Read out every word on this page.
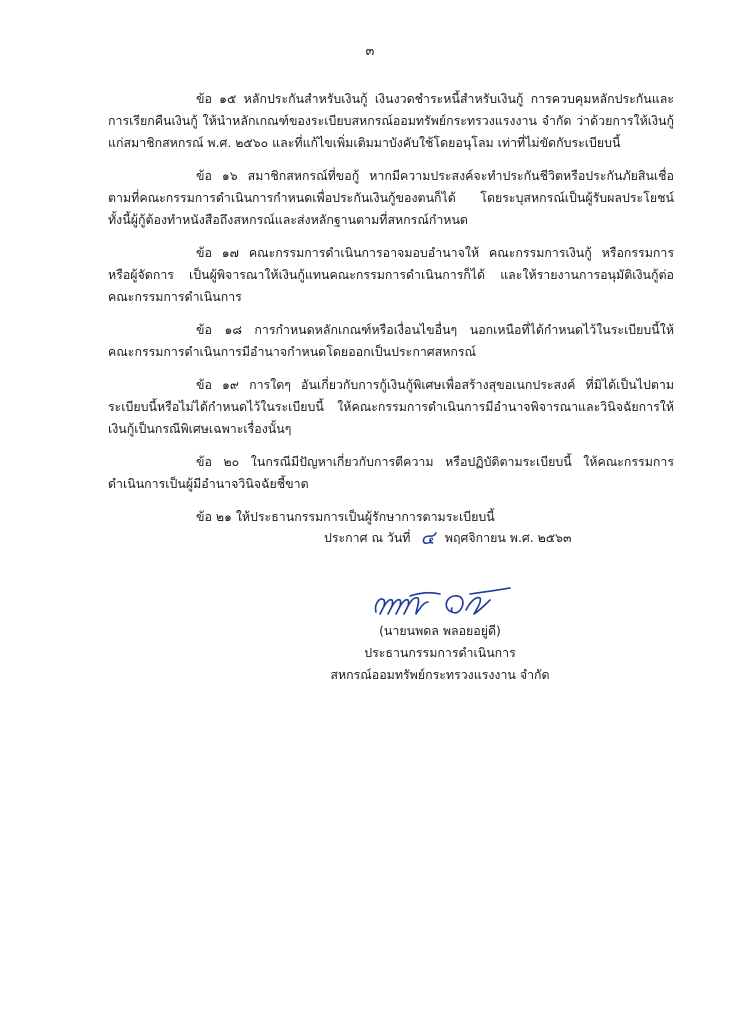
๓

ข้อ ๑๕ หลักประกันสำหรับเงินกู้ เงินงวดชำระหนี้สำหรับเงินกู้ การควบคุมหลักประกันและการเรียกคืนเงินกู้ ให้นำหลักเกณฑ์ของระเบียบสหกรณ์ออมทรัพย์กระทรวงแรงงาน จำกัด ว่าด้วยการให้เงินกู้แก่สมาชิกสหกรณ์ พ.ศ. ๒๕๖๐ และที่แก้ไขเพิ่มเติมมาบังคับใช้โดยอนุโลม เท่าที่ไม่ขัดกับระเบียบนี้

ข้อ ๑๖ สมาชิกสหกรณ์ที่ขอกู้ หากมีความประสงค์จะทำประกันชีวิตหรือประกันภัยสินเชื่อตามที่คณะกรรมการดำเนินการกำหนดเพื่อประกันเงินกู้ของตนก็ได้ โดยระบุสหกรณ์เป็นผู้รับผลประโยชน์ ทั้งนี้ผู้กู้ต้องทำหนังสือถึงสหกรณ์และส่งหลักฐานตามที่สหกรณ์กำหนด

ข้อ ๑๗ คณะกรรมการดำเนินการอาจมอบอำนาจให้ คณะกรรมการเงินกู้ หรือกรรมการ หรือผู้จัดการ เป็นผู้พิจารณาให้เงินกู้แทนคณะกรรมการดำเนินการก็ได้ และให้รายงานการอนุมัติเงินกู้ต่อคณะกรรมการดำเนินการ

ข้อ ๑๘ การกำหนดหลักเกณฑ์หรือเงื่อนไขอื่นๆ นอกเหนือที่ได้กำหนดไว้ในระเบียบนี้ให้คณะกรรมการดำเนินการมีอำนาจกำหนดโดยออกเป็นประกาศสหกรณ์

ข้อ ๑๙ การใดๆ อันเกี่ยวกับการกู้เงินกู้พิเศษเพื่อสร้างสุขอเนกประสงค์ ที่มิได้เป็นไปตามระเบียบนี้หรือไม่ได้กำหนดไว้ในระเบียบนี้ ให้คณะกรรมการดำเนินการมีอำนาจพิจารณาและวินิจฉัยการให้เงินกู้เป็นกรณีพิเศษเฉพาะเรื่องนั้นๆ

ข้อ ๒๐ ในกรณีมีปัญหาเกี่ยวกับการตีความ หรือปฏิบัติตามระเบียบนี้ ให้คณะกรรมการดำเนินการเป็นผู้มีอำนาจวินิจฉัยชี้ขาด

ข้อ ๒๑ ให้ประธานกรรมการเป็นผู้รักษาการตามระเบียบนี้

ประกาศ ณ วันที่ ๔ พฤศจิกายน พ.ศ. ๒๕๖๓
(นายนพดล พลอยอยู่ดี)
ประธานกรรมการดำเนินการ
สหกรณ์ออมทรัพย์กระทรวงแรงงาน จำกัด
